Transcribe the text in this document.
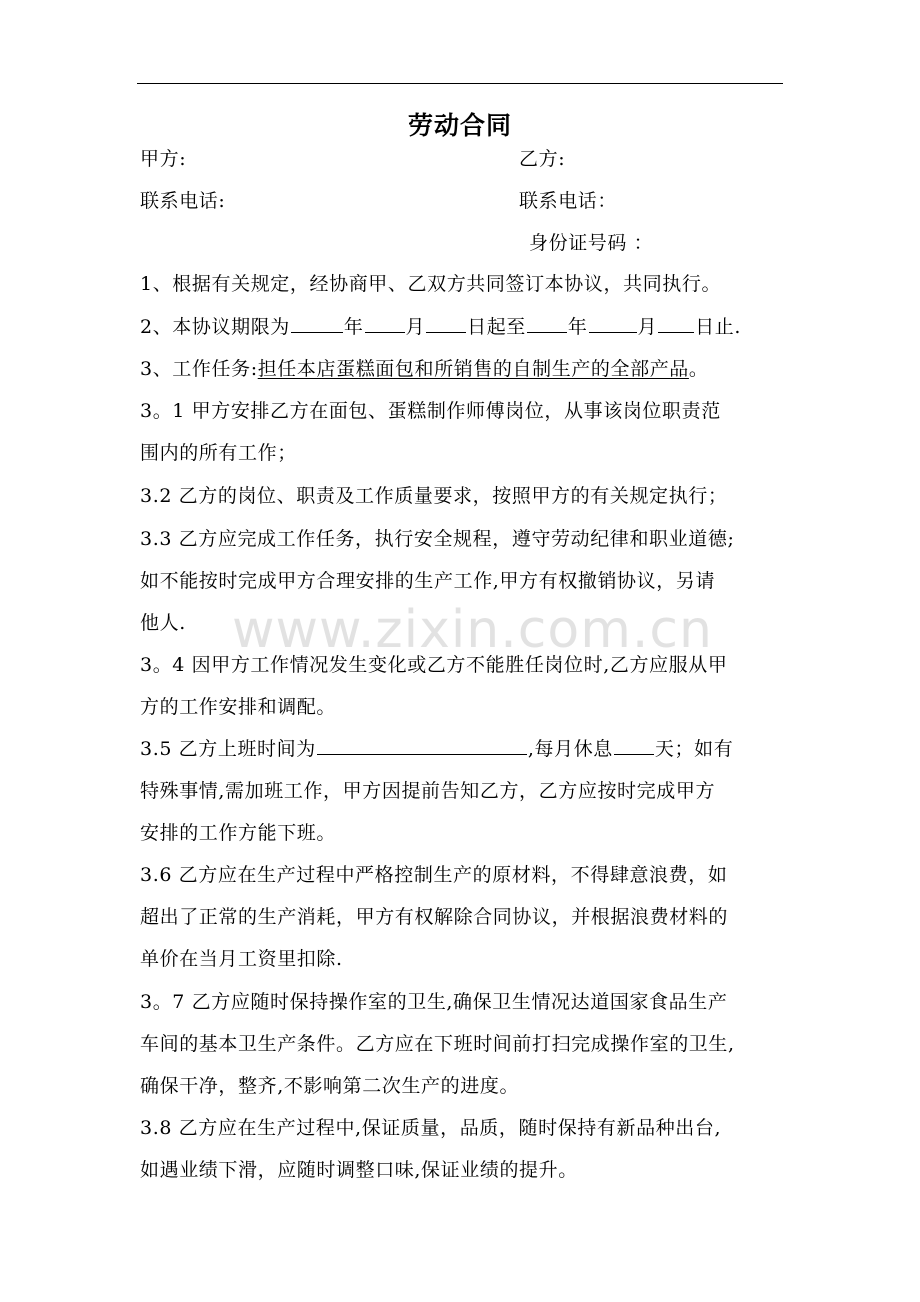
www.zixin.com.cn
劳动合同
甲方:	乙方:
联系电话:	联系电话：
身份证号码 ：
1、根据有关规定，经协商甲、乙双方共同签订本协议，共同执行。
2、本协议期限为	年 月 日起至 年	月 日止.
3、工作任务:担任本店蛋糕面包和所销售的自制生产的全部产品。
3。1 甲方安排乙方在面包、蛋糕制作师傅岗位，从事该岗位职责范
围内的所有工作；
3.2 乙方的岗位、职责及工作质量要求，按照甲方的有关规定执行；
3.3 乙方应完成工作任务，执行安全规程，遵守劳动纪律和职业道德;
如不能按时完成甲方合理安排的生产工作,甲方有权撤销协议，另请
他人.
3。4 因甲方工作情况发生变化或乙方不能胜任岗位时,乙方应服从甲
方的工作安排和调配。
3.5 乙方上班时间为	,每月休息 天；如有
特殊事情,需加班工作，甲方因提前告知乙方，乙方应按时完成甲方
安排的工作方能下班。
3.6 乙方应在生产过程中严格控制生产的原材料，不得肆意浪费，如
超出了正常的生产消耗，甲方有权解除合同协议，并根据浪费材料的
单价在当月工资里扣除.
3。7 乙方应随时保持操作室的卫生,确保卫生情况达道国家食品生产
车间的基本卫生产条件。乙方应在下班时间前打扫完成操作室的卫生,
确保干净，整齐,不影响第二次生产的进度。
3.8 乙方应在生产过程中,保证质量，品质，随时保持有新品种出台,
如遇业绩下滑，应随时调整口味,保证业绩的提升。
